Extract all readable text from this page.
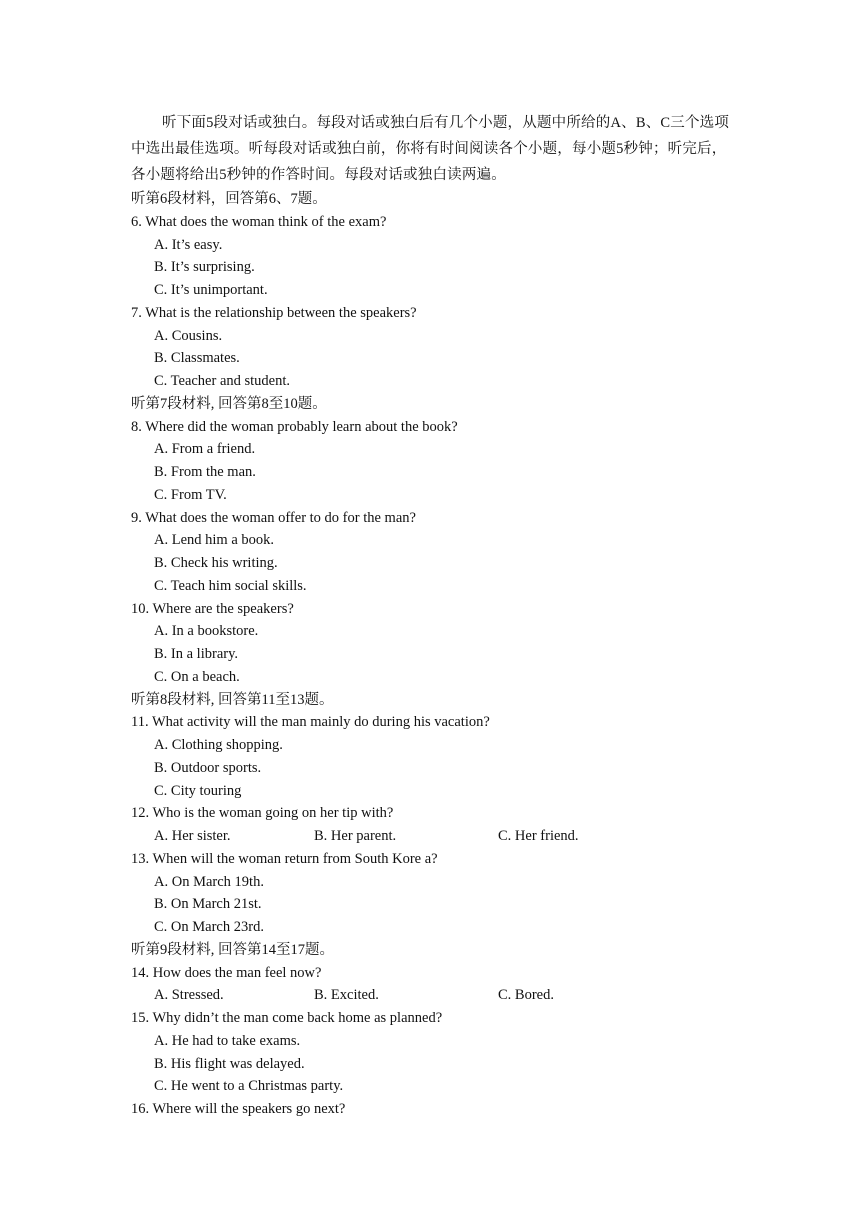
听下面5段对话或独白。每段对话或独白后有几个小题，从题中所给的A、B、C三个选项中选出最佳选项。听每段对话或独白前，你将有时间阅读各个小题，每小题5秒钟；听完后，各小题将给出5秒钟的作答时间。每段对话或独白读两遍。

听第6段材料，回答第6、7题。
6. What does the woman think of the exam?
A. It’s easy.
B. It’s surprising.
C. It’s unimportant.
7. What is the relationship between the speakers?
A. Cousins.
B. Classmates.
C. Teacher and student.
听第7段材料, 回答第8至10题。
8. Where did the woman probably learn about the book?
A. From a friend.
B. From the man.
C. From TV.
9. What does the woman offer to do for the man?
A. Lend him a book.
B. Check his writing.
C. Teach him social skills.
10. Where are the speakers?
A. In a bookstore.
B. In a library.
C. On a beach.
听第8段材料, 回答第11至13题。
11. What activity will the man mainly do during his vacation?
A. Clothing shopping.
B. Outdoor sports.
C. City touring
12. Who is the woman going on her tip with?
A. Her sister.	B. Her parent.	C. Her friend.
13. When will the woman return from South Kore a?
A. On March 19th.
B. On March 21st.
C. On March 23rd.
听第9段材料, 回答第14至17题。
14. How does the man feel now?
A. Stressed.	B. Excited.	C. Bored.
15. Why didn’t the man come back home as planned?
A. He had to take exams.
B. His flight was delayed.
C. He went to a Christmas party.
16. Where will the speakers go next?
